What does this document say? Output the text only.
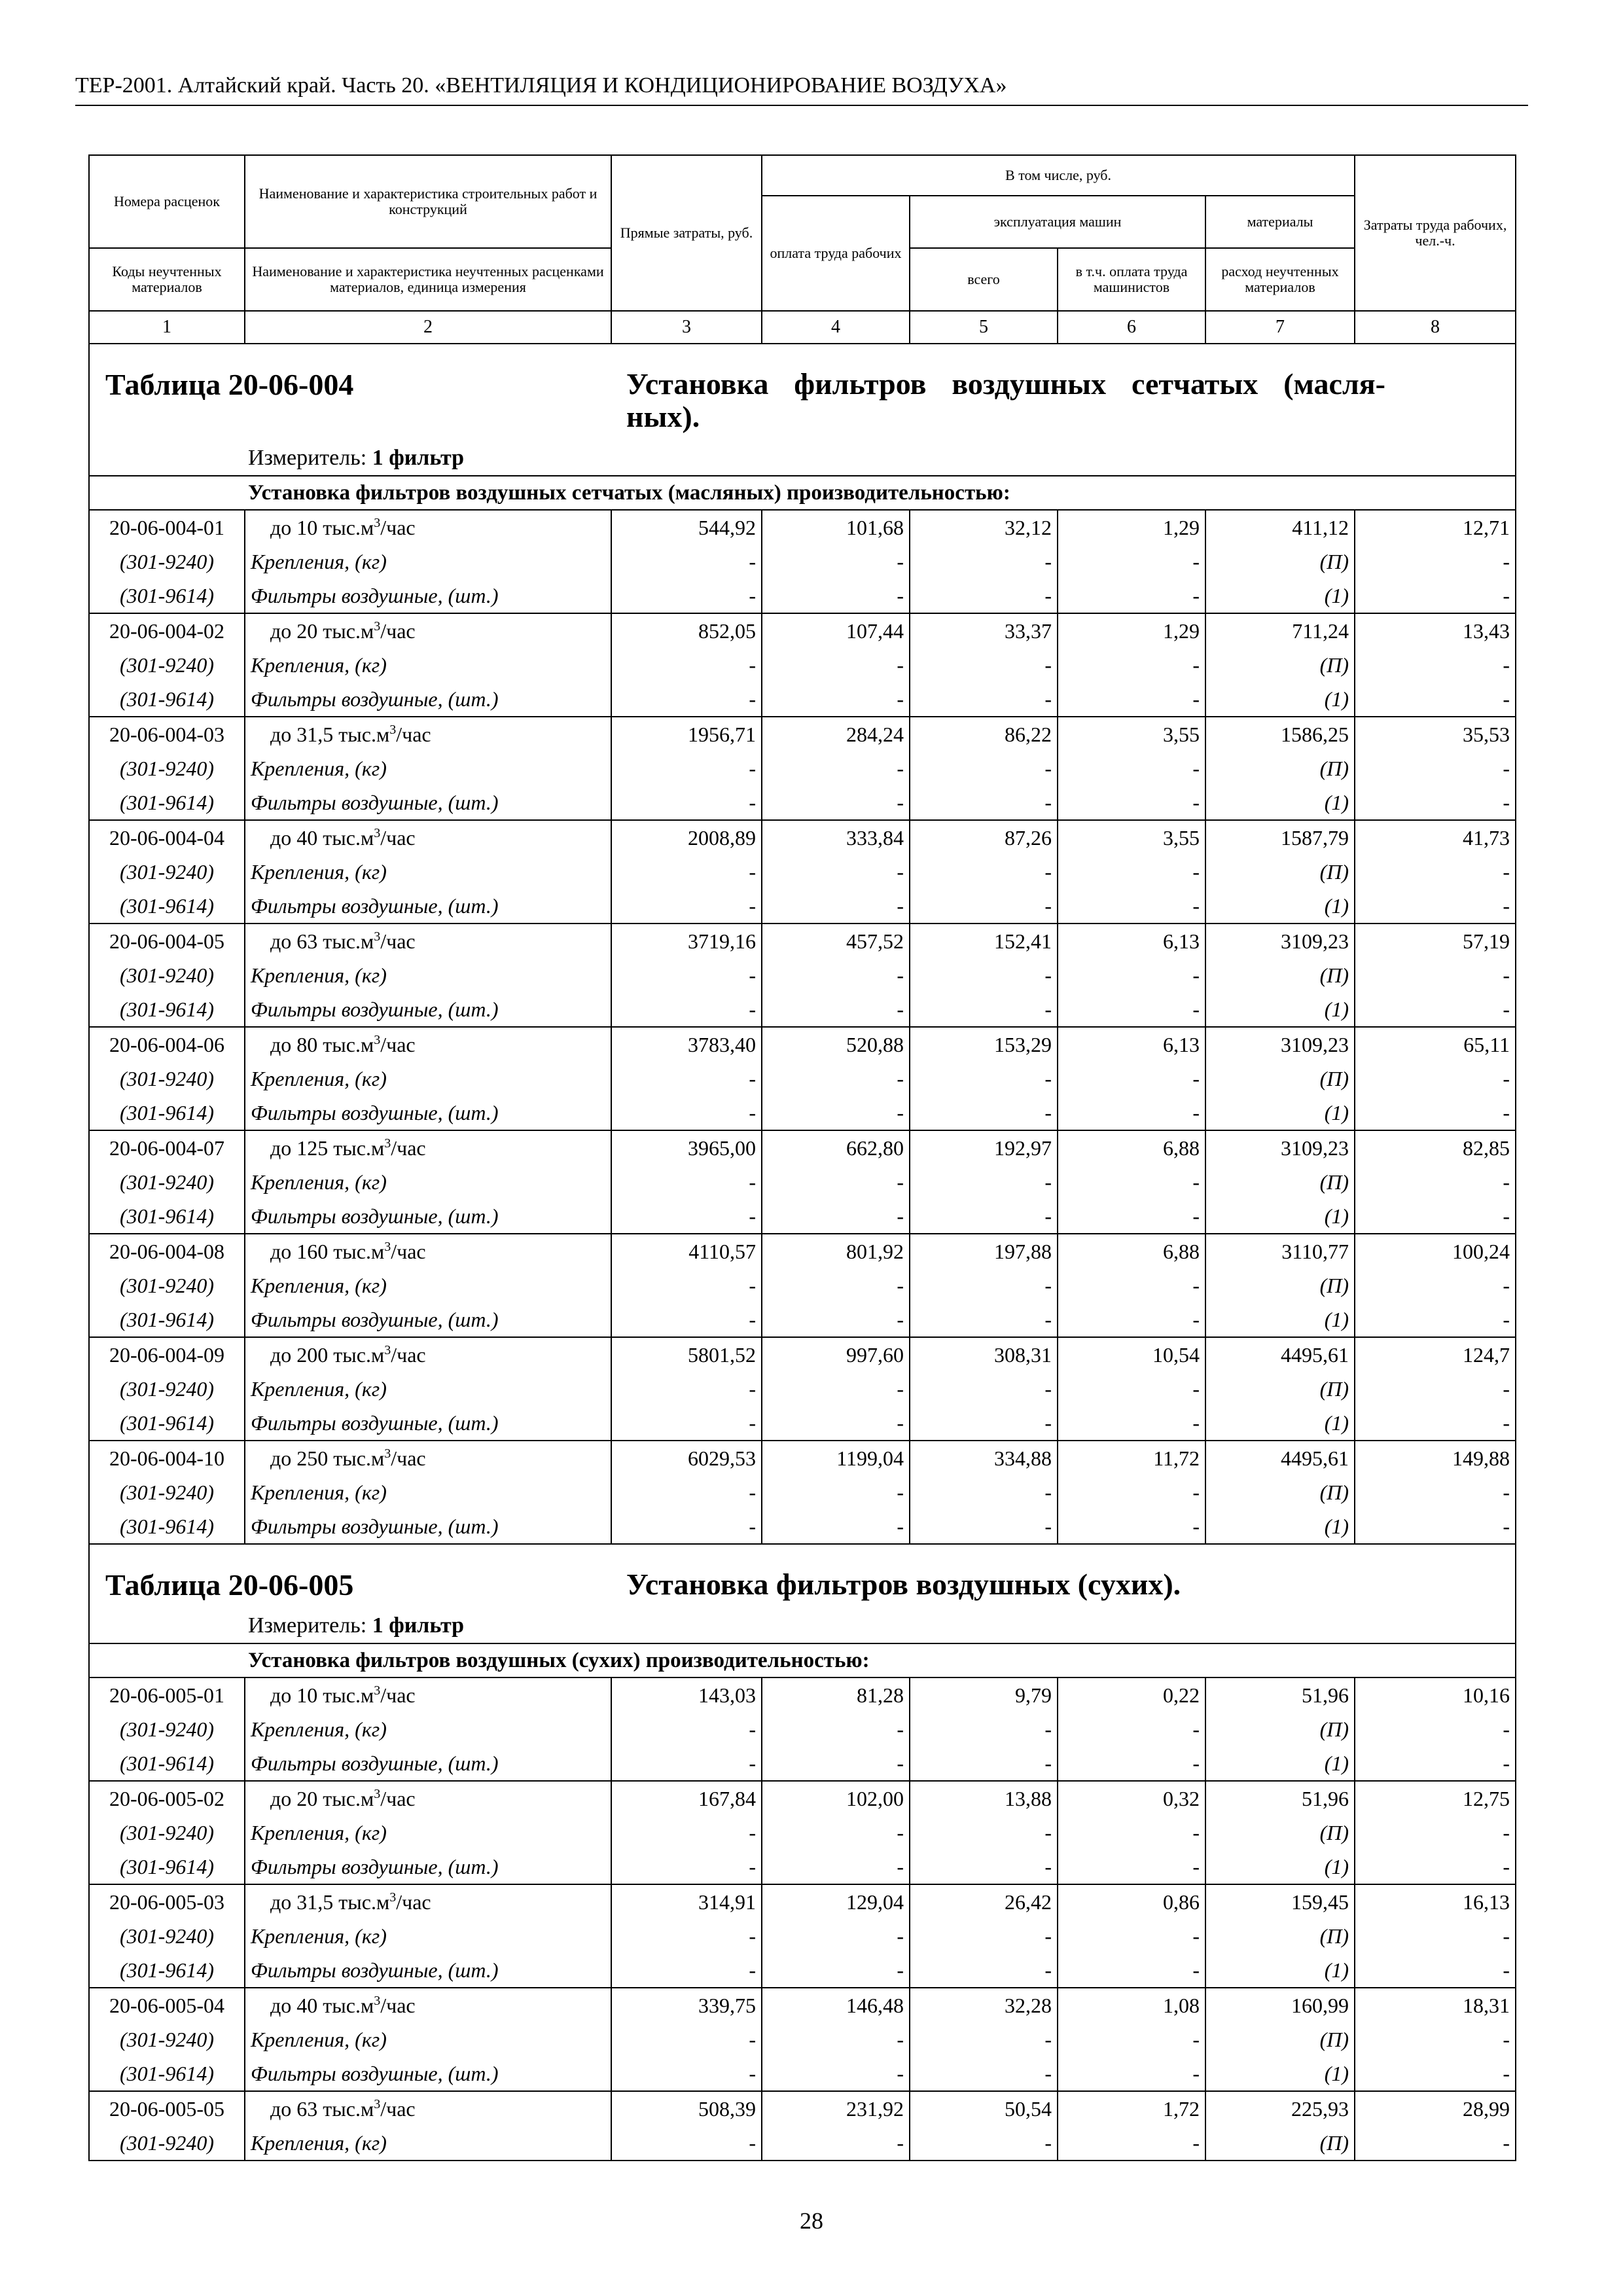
ТЕР-2001. Алтайский край. Часть 20. «ВЕНТИЛЯЦИЯ И КОНДИЦИОНИРОВАНИЕ ВОЗДУХА»
Номера расценок	Наименование и характеристика строительных работ и конструкций	Прямые затраты, руб.	В том числе, руб.				Затраты труда рабочих, чел.-ч.
			оплата труда рабочих	эксплуатация машин		материалы	
Коды неучтенных материалов	Наименование и характеристика неучтенных расценками материалов, единица измерения			всего	в т.ч. оплата труда машинистов	расход неучтенных материалов	
1	2	3	4	5	6	7	8

Таблица 20-06-004 Установка фильтров воздушных сетчатых (масля-ных).
Измеритель: 1 фильтр							

Установка фильтров воздушных сетчатых (масляных) производительностью:							
20-06-004-01	до 10 $тыс.м^3$/час	544,92	101,68	32,12	1,29	411,12	12,71
(301-9240)	Крепления, (кг)	-	-	-	-	(П)	-
(301-9614)	Фильтры воздушные, (шт.)	-	-	-	-	(1)	-
20-06-004-02	до 20 $тыс.м^3$/час	852,05	107,44	33,37	1,29	711,24	13,43
(301-9240)	Крепления, (кг)	-	-	-	-	(П)	-
(301-9614)	Фильтры воздушные, (шт.)	-	-	-	-	(1)	-
20-06-004-03	до 31,5 $тыс.м^3$/час	1956,71	284,24	86,22	3,55	1586,25	35,53
(301-9240)	Крепления, (кг)	-	-	-	-	(П)	-
(301-9614)	Фильтры воздушные, (шт.)	-	-	-	-	(1)	-
20-06-004-04	до 40 $тыс.м^3$/час	2008,89	333,84	87,26	3,55	1587,79	41,73
(301-9240)	Крепления, (кг)	-	-	-	-	(П)	-
(301-9614)	Фильтры воздушные, (шт.)	-	-	-	-	(1)	-
20-06-004-05	до 63 $тыс.м^3$/час	3719,16	457,52	152,41	6,13	3109,23	57,19
(301-9240)	Крепления, (кг)	-	-	-	-	(П)	-
(301-9614)	Фильтры воздушные, (шт.)	-	-	-	-	(1)	-
20-06-004-06	до 80 $тыс.м^3$/час	3783,40	520,88	153,29	6,13	3109,23	65,11
(301-9240)	Крепления, (кг)	-	-	-	-	(П)	-
(301-9614)	Фильтры воздушные, (шт.)	-	-	-	-	(1)	-
20-06-004-07	до 125 $тыс.м^3$/час	3965,00	662,80	192,97	6,88	3109,23	82,85
(301-9240)	Крепления, (кг)	-	-	-	-	(П)	-
(301-9614)	Фильтры воздушные, (шт.)	-	-	-	-	(1)	-
20-06-004-08	до 160 $тыс.м^3$/час	4110,57	801,92	197,88	6,88	3110,77	100,24
(301-9240)	Крепления, (кг)	-	-	-	-	(П)	-
(301-9614)	Фильтры воздушные, (шт.)	-	-	-	-	(1)	-
20-06-004-09	до 200 $тыс.м^3$/час	5801,52	997,60	308,31	10,54	4495,61	124,7
(301-9240)	Крепления, (кг)	-	-	-	-	(П)	-
(301-9614)	Фильтры воздушные, (шт.)	-	-	-	-	(1)	-
20-06-004-10	до 250 $тыс.м^3$/час	6029,53	1199,04	334,88	11,72	4495,61	149,88
(301-9240)	Крепления, (кг)	-	-	-	-	(П)	-
(301-9614)	Фильтры воздушные, (шт.)	-	-	-	-	(1)	-

Таблица 20-06-005 Установка фильтров воздушных (сухих).
Измеритель: 1 фильтр							

Установка фильтров воздушных (сухих) производительностью:							
20-06-005-01	до 10 $тыс.м^3$/час	143,03	81,28	9,79	0,22	51,96	10,16
(301-9240)	Крепления, (кг)	-	-	-	-	(П)	-
(301-9614)	Фильтры воздушные, (шт.)	-	-	-	-	(1)	-
20-06-005-02	до 20 $тыс.м^3$/час	167,84	102,00	13,88	0,32	51,96	12,75
(301-9240)	Крепления, (кг)	-	-	-	-	(П)	-
(301-9614)	Фильтры воздушные, (шт.)	-	-	-	-	(1)	-
20-06-005-03	до 31,5 $тыс.м^3$/час	314,91	129,04	26,42	0,86	159,45	16,13
(301-9240)	Крепления, (кг)	-	-	-	-	(П)	-
(301-9614)	Фильтры воздушные, (шт.)	-	-	-	-	(1)	-
20-06-005-04	до 40 $тыс.м^3$/час	339,75	146,48	32,28	1,08	160,99	18,31
(301-9240)	Крепления, (кг)	-	-	-	-	(П)	-
(301-9614)	Фильтры воздушные, (шт.)	-	-	-	-	(1)	-
20-06-005-05	до 63 $тыс.м^3$/час	508,39	231,92	50,54	1,72	225,93	28,99
(301-9240)	Крепления, (кг)	-	-	-	-	(П)	-
28
